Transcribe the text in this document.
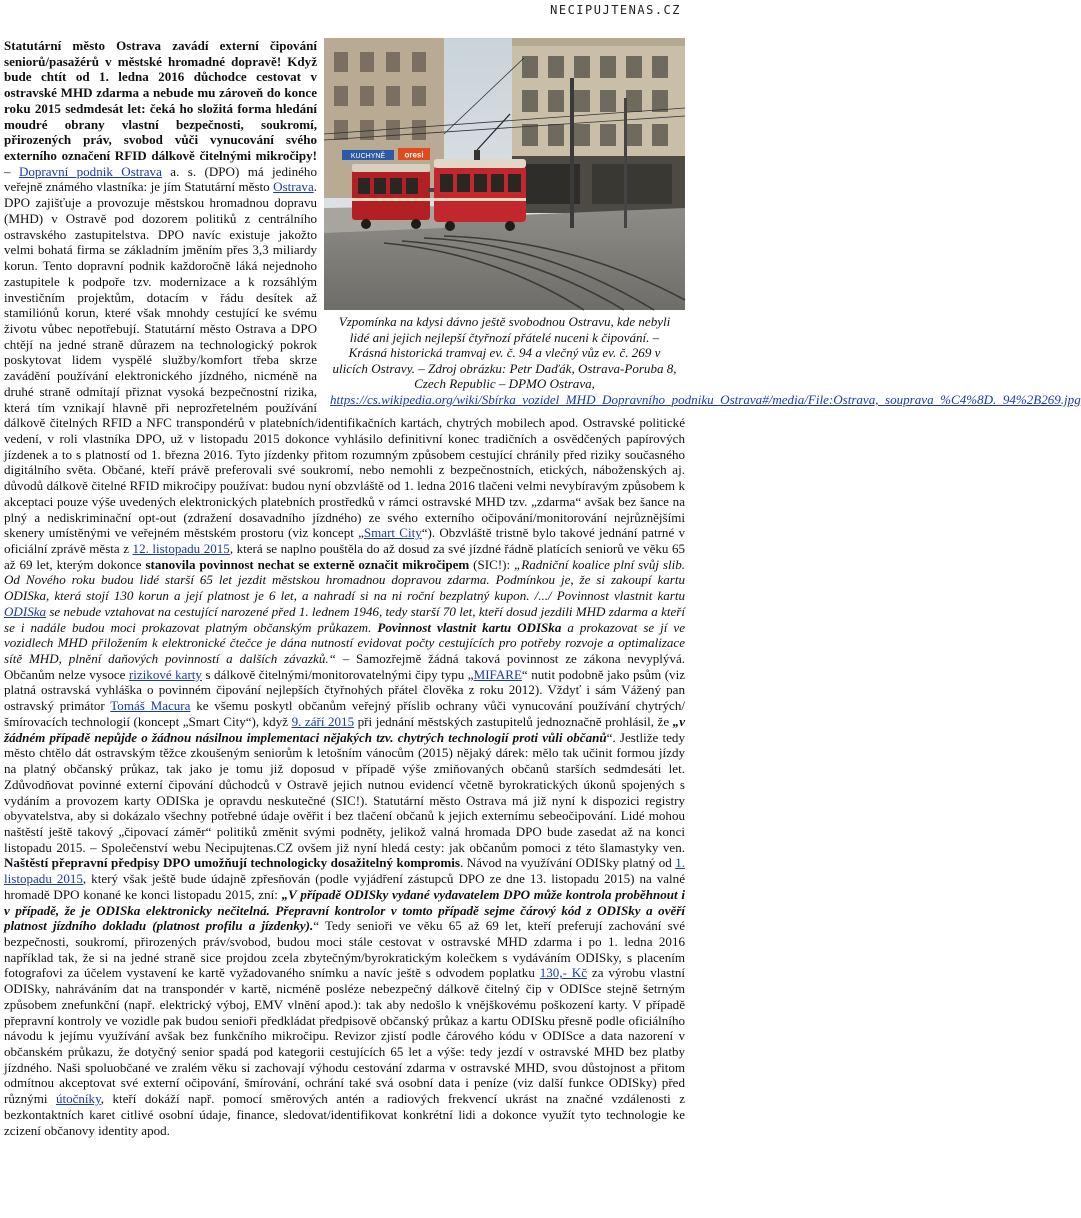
NECIPUJTENAS.CZ
KUCHYNĚ oresi
Vzpomínka na kdysi dávno ještě svobodnou Ostravu, kde nebyli lidé ani jejich nejlepší čtyřnozí přátelé nuceni k čipování. – Krásná historická tramvaj ev. č. 94 a vlečný vůz ev. č. 269 v ulicích Ostravy. – Zdroj obrázku: Petr Daďák, Ostrava-Poruba 8, Czech Republic – DPMO Ostrava, https://cs.wikipedia.org/wiki/Sbírka_vozidel_MHD_Dopravního_podniku_Ostrava#/media/File:Ostrava,_souprava_%C4%8D._94%2B269.jpg

Statutární město Ostrava zavádí externí čipování seniorů/pasažérů v městské hromadné dopravě! Když bude chtít od 1. ledna 2016 důchodce cestovat v ostravské MHD zdarma a nebude mu zároveň do konce roku 2015 sedmdesát let: čeká ho složitá forma hledání moudré obrany vlastní bezpečnosti, soukromí, přirozených práv, svobod vůči vynucování svého externího označení RFID dálkově čitelnými mikročipy! – Dopravní podnik Ostrava a. s. (DPO) má jediného veřejně známého vlastníka: je jím Statutární město Ostrava. DPO zajišťuje a provozuje městskou hromadnou dopravu (MHD) v Ostravě pod dozorem politiků z centrálního ostravského zastupitelstva. DPO navíc existuje jakožto velmi bohatá firma se základním jměním přes 3,3 miliardy korun. Tento dopravní podnik každoročně láká nejednoho zastupitele k podpoře tzv. modernizace a k rozsáhlým investičním projektům, dotacím v řádu desítek až stamiliónů korun, které však mnohdy cestující ke svému životu vůbec nepotřebují. Statutární město Ostrava a DPO chtějí na jedné straně důrazem na technologický pokrok poskytovat lidem vyspělé služby/komfort třeba skrze zavádění používání elektronického jízdného, nicméně na druhé straně odmítají přiznat vysoká bezpečnostní rizika, která tím vznikají hlavně při neprozřetelném používání dálkově čitelných RFID a NFC transpondérů v platebních/identifikačních kartách, chytrých mobilech apod. Ostravské politické vedení, v roli vlastníka DPO, už v listopadu 2015 dokonce vyhlásilo definitivní konec tradičních a osvědčených papírových jízdenek a to s platností od 1. března 2016. Tyto jízdenky přitom rozumným způsobem cestující chránily před riziky současného digitálního světa. Občané, kteří právě preferovali své soukromí, nebo nemohli z bezpečnostních, etických, náboženských aj. důvodů dálkově čitelné RFID mikročipy používat: budou nyní obzvláště od 1. ledna 2016 tlačeni velmi nevybíravým způsobem k akceptaci pouze výše uvedených elektronických platebních prostředků v rámci ostravské MHD tzv. „zdarma“ avšak bez šance na plný a nediskriminační opt-out (zdražení dosavadního jízdného) ze svého externího očipování/monitorování nejrůznějšími skenery umístěnými ve veřejném městském prostoru (viz koncept „Smart City“). Obzvláště tristně bylo takové jednání patrné v oficiální zprávě města z 12. listopadu 2015, která se naplno pouštěla do až dosud za své jízdné řádně platících seniorů ve věku 65 až 69 let, kterým dokonce stanovila povinnost nechat se externě označit mikročipem (SIC!): „Radniční koalice plní svůj slib. Od Nového roku budou lidé starší 65 let jezdit městskou hromadnou dopravou zdarma. Podmínkou je, že si zakoupí kartu ODISka, která stojí 130 korun a její platnost je 6 let, a nahradí si na ni roční bezplatný kupon. /.../ Povinnost vlastnit kartu ODISka se nebude vztahovat na cestující narozené před 1. lednem 1946, tedy starší 70 let, kteří dosud jezdili MHD zdarma a kteří se i nadále budou moci prokazovat platným občanským průkazem. Povinnost vlastnit kartu ODISka a prokazovat se jí ve vozidlech MHD přiložením k elektronické čtečce je dána nutností evidovat počty cestujících pro potřeby rozvoje a optimalizace sítě MHD, plnění daňových povinností a dalších závazků.“ – Samozřejmě žádná taková povinnost ze zákona nevyplývá. Občanům nelze vysoce rizikové karty s dálkově čitelnými/monitorovatelnými čipy typu „MIFARE“ nutit podobně jako psům (viz platná ostravská vyhláška o povinném čipování nejlepších čtyřnohých přátel člověka z roku 2012). Vždyť i sám Vážený pan ostravský primátor Tomáš Macura ke všemu poskytl občanům veřejný příslib ochrany vůči vynucování používání chytrých/šmírovacích technologií (koncept „Smart City“), když 9. září 2015 při jednání městských zastupitelů jednoznačně prohlásil, že „v žádném případě nepůjde o žádnou násilnou implementaci nějakých tzv. chytrých technologií proti vůli občanů“. Jestliže tedy město chtělo dát ostravským těžce zkoušeným seniorům k letošním vánocům (2015) nějaký dárek: mělo tak učinit formou jízdy na platný občanský průkaz, tak jako je tomu již doposud v případě výše zmiňovaných občanů starších sedmdesáti let. Zdůvodňovat povinné externí čipování důchodců v Ostravě jejich nutnou evidencí včetně byrokratických úkonů spojených s vydáním a provozem karty ODISka je opravdu neskutečné (SIC!). Statutární město Ostrava má již nyní k dispozici registry obyvatelstva, aby si dokázalo všechny potřebné údaje ověřit i bez tlačení občanů k jejich externímu sebeočipování. Lidé mohou naštěstí ještě takový „čipovací záměr“ politiků změnit svými podněty, jelikož valná hromada DPO bude zasedat až na konci listopadu 2015. – Společenství webu Necipujtenas.CZ ovšem již nyní hledá cesty: jak občanům pomoci z této šlamastyky ven. Naštěstí přepravní předpisy DPO umožňují technologicky dosažitelný kompromis. Návod na využívání ODISky platný od 1. listopadu 2015, který však ještě bude údajně zpřesňován (podle vyjádření zástupců DPO ze dne 13. listopadu 2015) na valné hromadě DPO konané ke konci listopadu 2015, zní: „V případě ODISky vydané vydavatelem DPO může kontrola proběhnout i v případě, že je ODISka elektronicky nečitelná. Přepravní kontrolor v tomto případě sejme čárový kód z ODISky a ověří platnost jízdního dokladu (platnost profilu a jízdenky).“ Tedy senioři ve věku 65 až 69 let, kteří preferují zachování své bezpečnosti, soukromí, přirozených práv/svobod, budou moci stále cestovat v ostravské MHD zdarma i po 1. ledna 2016 například tak, že si na jedné straně sice projdou zcela zbytečným/byrokratickým kolečkem s vydáváním ODISky, s placením fotografovi za účelem vystavení ke kartě vyžadovaného snímku a navíc ještě s odvodem poplatku 130,- Kč za výrobu vlastní ODISky, nahráváním dat na transpondér v kartě, nicméně posléze nebezpečný dálkově čitelný čip v ODISce stejně šetrným způsobem znefunkční (např. elektrický výboj, EMV vlnění apod.): tak aby nedošlo k vnějškovému poškození karty. V případě přepravní kontroly ve vozidle pak budou senioři předkládat předpisově občanský průkaz a kartu ODISku přesně podle oficiálního návodu k jejímu využívání avšak bez funkčního mikročipu. Revizor zjistí podle čárového kódu v ODISce a data nazorení v občanském průkazu, že dotyčný senior spadá pod kategorii cestujících 65 let a výše: tedy jezdí v ostravské MHD bez platby jízdného. Naši spoluobčané ve zralém věku si zachovají výhodu cestování zdarma v ostravské MHD, svou důstojnost a přitom odmítnou akceptovat své externí očipování, šmírování, ochrání také svá osobní data i peníze (viz další funkce ODISky) před různými útočníky, kteří dokáží např. pomocí směrových antén a radiových frekvencí ukrást na značné vzdálenosti z bezkontaktních karet citlivé osobní údaje, finance, sledovat/identifikovat konkrétní lidi a dokonce využít tyto technologie ke zcizení občanovy identity apod.
